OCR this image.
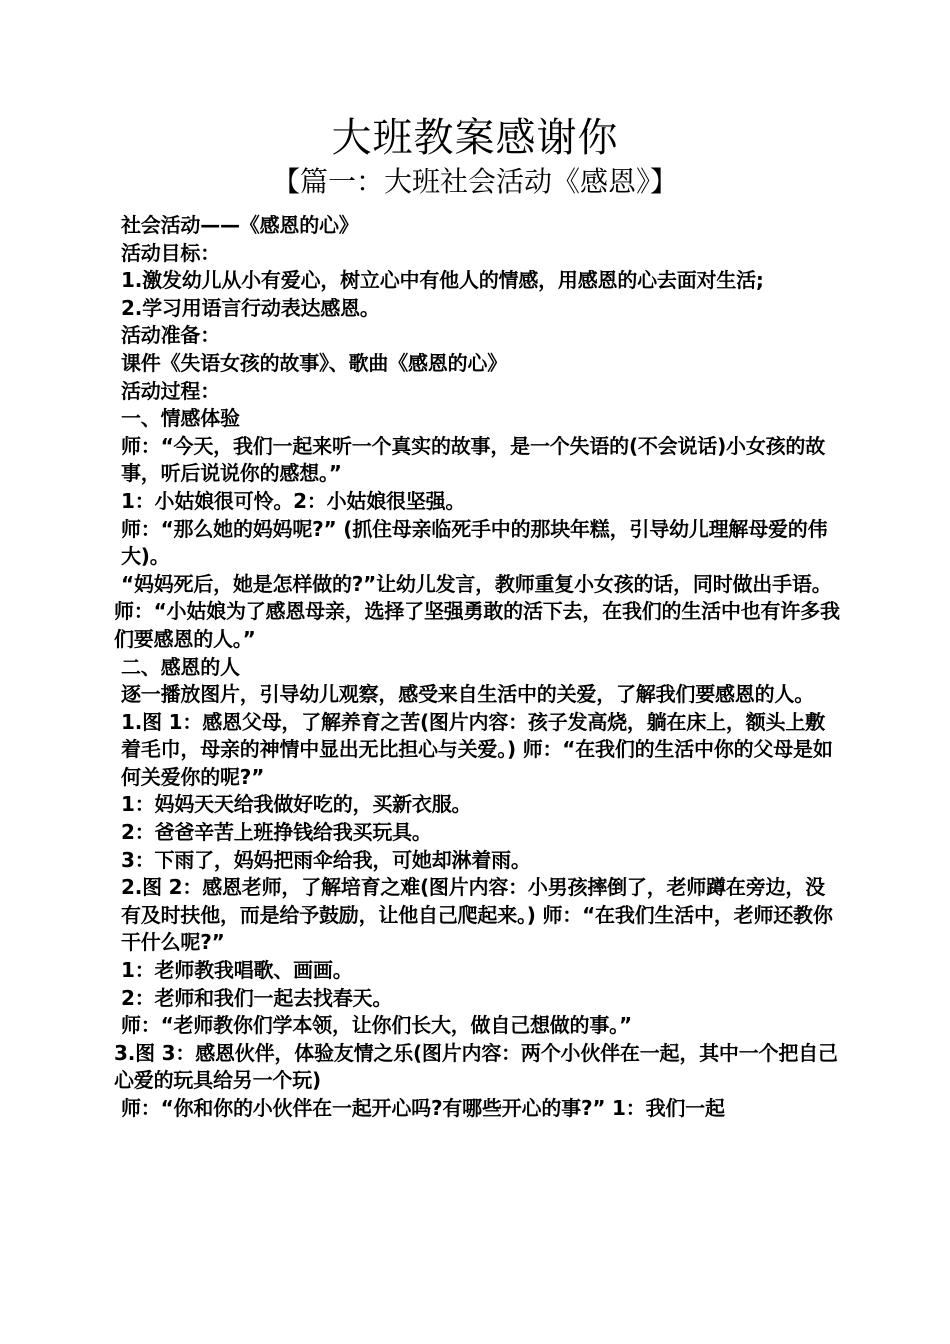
大班教案感谢你
【篇一：大班社会活动《感恩》】

社会活动——《感恩的心》

活动目标：

1.激发幼儿从小有爱心，树立心中有他人的情感，用感恩的心去面对生活;

2.学习用语言行动表达感恩。

活动准备：

课件《失语女孩的故事》、歌曲《感恩的心》

活动过程：

一、情感体验

师：“今天，我们一起来听一个真实的故事，是一个失语的(不会说话)小女孩的故事，听后说说你的感想。”

1：小姑娘很可怜。2：小姑娘很坚强。

师：“那么她的妈妈呢?” (抓住母亲临死手中的那块年糕，引导幼儿理解母爱的伟大)。

“妈妈死后，她是怎样做的?”让幼儿发言，教师重复小女孩的话，同时做出手语。

师：“小姑娘为了感恩母亲，选择了坚强勇敢的活下去，在我们的生活中也有许多我们要感恩的人。”

二、感恩的人

逐一播放图片，引导幼儿观察，感受来自生活中的关爱，了解我们要感恩的人。

1.图 1：感恩父母，了解养育之苦(图片内容：孩子发高烧，躺在床上，额头上敷着毛巾，母亲的神情中显出无比担心与关爱。) 师：“在我们的生活中你的父母是如何关爱你的呢?”

1：妈妈天天给我做好吃的，买新衣服。

2：爸爸辛苦上班挣钱给我买玩具。

3：下雨了，妈妈把雨伞给我，可她却淋着雨。

2.图 2：感恩老师，了解培育之难(图片内容：小男孩摔倒了，老师蹲在旁边，没有及时扶他，而是给予鼓励，让他自己爬起来。) 师：“在我们生活中，老师还教你干什么呢?”

1：老师教我唱歌、画画。

2：老师和我们一起去找春天。

师：“老师教你们学本领，让你们长大，做自己想做的事。”

3.图 3：感恩伙伴，体验友情之乐(图片内容：两个小伙伴在一起，其中一个把自己心爱的玩具给另一个玩)

师：“你和你的小伙伴在一起开心吗?有哪些开心的事?” 1：我们一起
